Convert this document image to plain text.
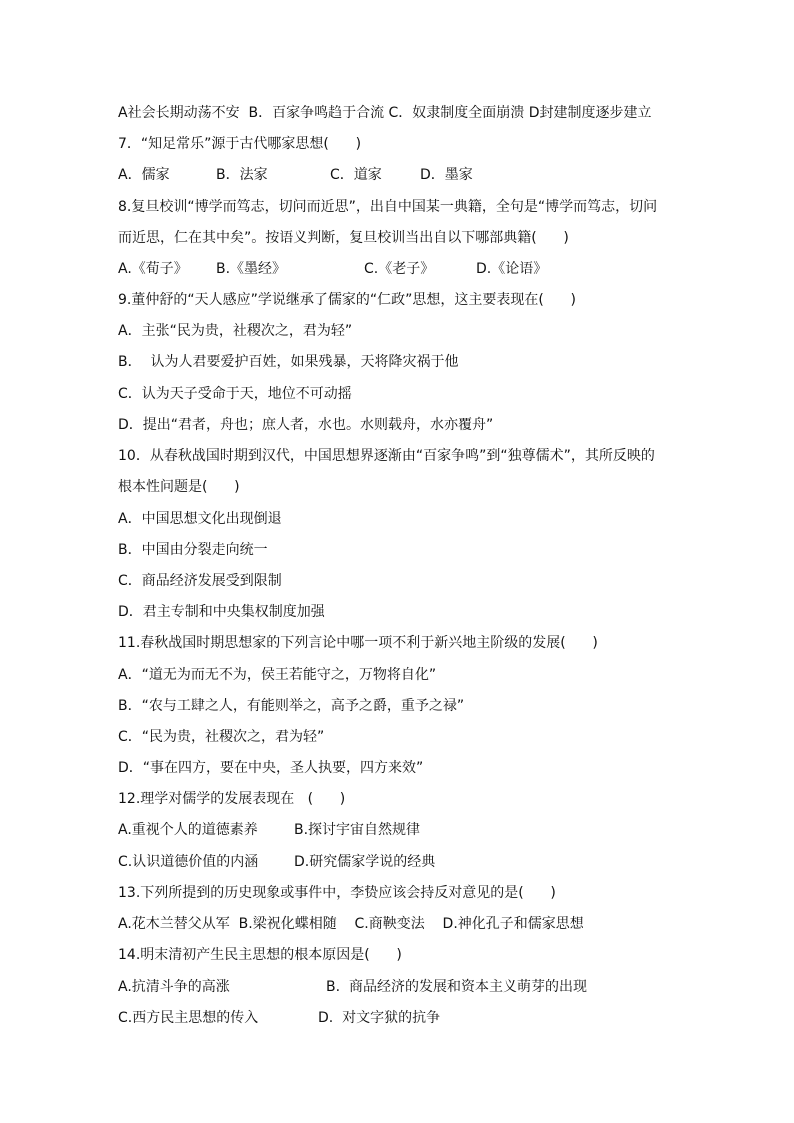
A社会长期动荡不安  B．百家争鸣趋于合流 C．奴隶制度全面崩溃 D封建制度逐步建立
7．“知足常乐”源于古代哪家思想(      )
A．儒家	B．法家	C．道家	D．墨家
8.复旦校训“博学而笃志，切问而近思”，出自中国某一典籍，全句是“博学而笃志，切问
而近思，仁在其中矣”。按语义判断，复旦校训当出自以下哪部典籍(      )
A.《荀子》 B.《墨经》	C.《老子》	D.《论语》
9.董仲舒的“天人感应”学说继承了儒家的“仁政”思想，这主要表现在(      )
A．主张“民为贵，社稷次之，君为轻”
B．  认为人君要爱护百姓，如果残暴，天将降灾祸于他
C．认为天子受命于天，地位不可动摇
D．提出“君者，舟也；庶人者，水也。水则载舟，水亦覆舟”
10．从春秋战国时期到汉代，中国思想界逐渐由“百家争鸣”到“独尊儒术”，其所反映的
根本性问题是(      )
A．中国思想文化出现倒退
B．中国由分裂走向统一
C．商品经济发展受到限制
D．君主专制和中央集权制度加强
11.春秋战国时期思想家的下列言论中哪一项不利于新兴地主阶级的发展(      )
A．“道无为而无不为，侯王若能守之，万物将自化”
B．“农与工肆之人，有能则举之，高予之爵，重予之禄”
C．“民为贵，社稷次之，君为轻”
D．“事在四方，要在中央，圣人执要，四方来效”
12.理学对儒学的发展表现在   (      )
A.重视个人的道德素养	B.探讨宇宙自然规律
C.认识道德价值的内涵	D.研究儒家学说的经典
13.下列所提到的历史现象或事件中，李贽应该会持反对意见的是(      )
A.花木兰替父从军  B.梁祝化蝶相随    C.商鞅变法    D.神化孔子和儒家思想
14.明末清初产生民主思想的根本原因是(      )
A.抗清斗争的高涨	B.  商品经济的发展和资本主义萌芽的出现
C.西方民主思想的传入	D.  对文字狱的抗争
